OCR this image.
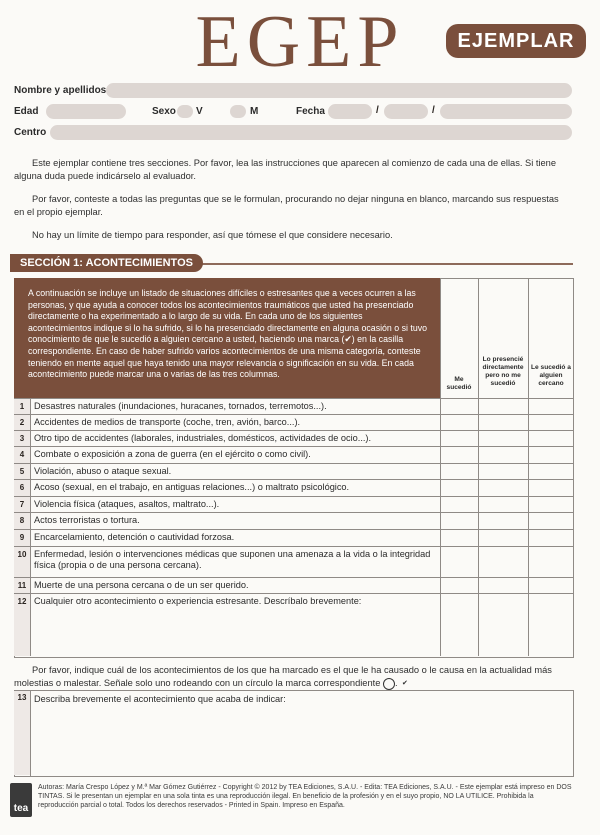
EGEP	EJEMPLAR
Nombre y apellidos
Edad	Sexo V	M	Fecha	/	/
Centro
Este ejemplar contiene tres secciones. Por favor, lea las instrucciones que aparecen al comienzo de cada una de ellas. Si tiene alguna duda puede indicárselo al evaluador.
Por favor, conteste a todas las preguntas que se le formulan, procurando no dejar ninguna en blanco, marcando sus respuestas en el propio ejemplar.
No hay un límite de tiempo para responder, así que tómese el que considere necesario.
SECCIÓN 1: ACONTECIMIENTOS
A continuación se incluye un listado de situaciones difíciles o estresantes que a veces ocurren a las personas, y que ayuda a conocer todos los acontecimientos traumáticos que usted ha presenciado directamente o ha experimentado a lo largo de su vida. En cada uno de los siguientes acontecimientos indique si lo ha sufrido, si lo ha presenciado directamente en alguna ocasión o si tuvo conocimiento de que le sucedió a alguien cercano a usted, haciendo una marca (✔) en la casilla correspondiente. En caso de haber sufrido varios acontecimientos de una misma categoría, conteste teniendo en mente aquel que haya tenido una mayor relevancia o significación en su vida. En cada acontecimiento puede marcar una o varias de las tres columnas.
Me sucedió
Lo presencié directamente pero no me sucedió
Le sucedió a alguien cercano
1	Desastres naturales (inundaciones, huracanes, tornados, terremotos...).
2	Accidentes de medios de transporte (coche, tren, avión, barco...).
3	Otro tipo de accidentes (laborales, industriales, domésticos, actividades de ocio...).
4	Combate o exposición a zona de guerra (en el ejército o como civil).
5	Violación, abuso o ataque sexual.
6	Acoso (sexual, en el trabajo, en antiguas relaciones...) o maltrato psicológico.
7	Violencia física (ataques, asaltos, maltrato...).
8	Actos terroristas o tortura.
9	Encarcelamiento, detención o cautividad forzosa.
10 Enfermedad, lesión o intervenciones médicas que suponen una amenaza a la vida o la integridad física (propia o de una persona cercana).
11 Muerte de una persona cercana o de un ser querido.
12 Cualquier otro acontecimiento o experiencia estresante. Descríbalo brevemente:
Por favor, indique cuál de los acontecimientos de los que ha marcado es el que le ha causado o le causa en la actualidad más molestias o malestar. Señale solo uno rodeando con un círculo la marca correspondiente	✔.
13 Describa brevemente el acontecimiento que acaba de indicar:
tea
Autoras: María Crespo López y M.ª Mar Gómez Gutiérrez - Copyright © 2012 by TEA Ediciones, S.A.U. - Edita: TEA Ediciones, S.A.U. - Este ejemplar está impreso en DOS TINTAS. Si le presentan un ejemplar en una sola tinta es una reproducción ilegal. En beneficio de la profesión y en el suyo propio, NO LA UTILICE. Prohibida la reproducción parcial o total. Todos los derechos reservados - Printed in Spain. Impreso en España.
